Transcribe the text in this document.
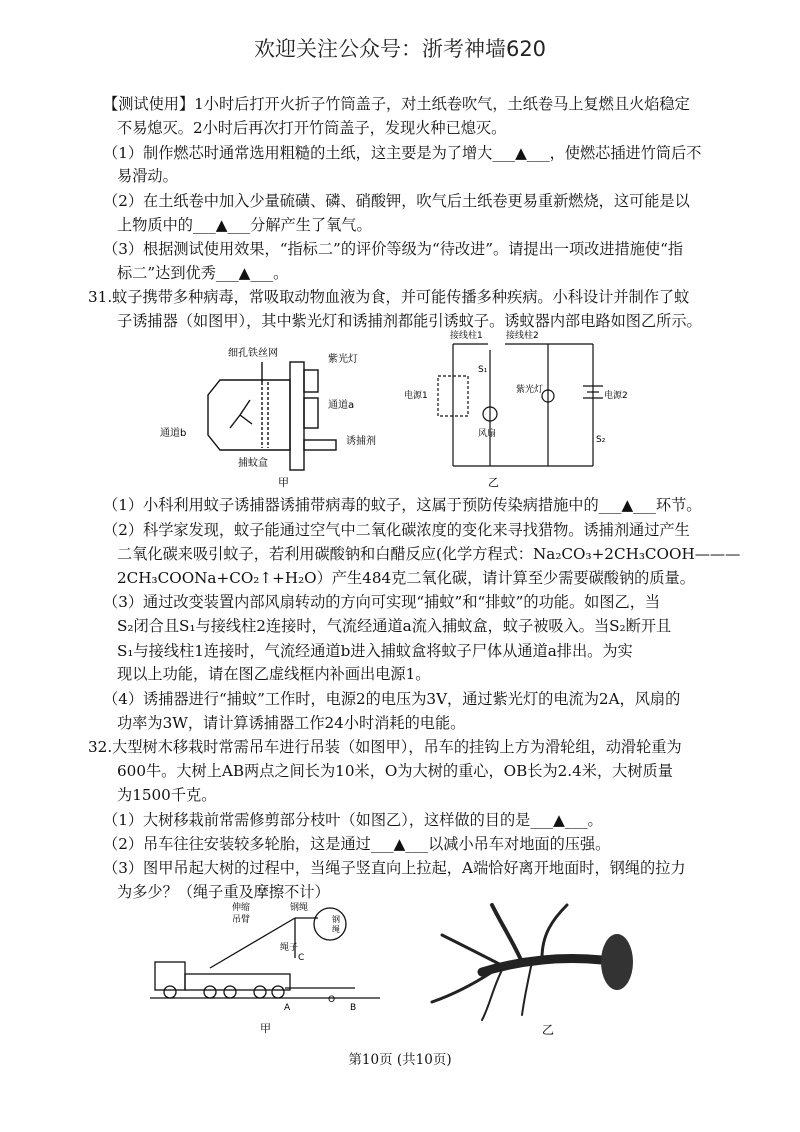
欢迎关注公众号：浙考神墙620
【测试使用】1小时后打开火折子竹筒盖子，对土纸卷吹气，土纸卷马上复燃且火焰稳定
不易熄灭。2小时后再次打开竹筒盖子，发现火种已熄灭。
（1）制作燃芯时通常选用粗糙的土纸，这主要是为了增大___▲___，使燃芯插进竹筒后不
易滑动。
（2）在土纸卷中加入少量硫磺、磷、硝酸钾，吹气后土纸卷更易重新燃烧，这可能是以
上物质中的___▲___分解产生了氧气。
（3）根据测试使用效果，“指标二”的评价等级为“待改进”。请提出一项改进措施使“指
标二”达到优秀___▲___。
31.蚊子携带多种病毒，常吸取动物血液为食，并可能传播多种疾病。小科设计并制作了蚊
子诱捕器（如图甲），其中紫光灯和诱捕剂都能引诱蚊子。诱蚊器内部电路如图乙所示。
（1）小科利用蚊子诱捕器诱捕带病毒的蚊子，这属于预防传染病措施中的___▲___环节。
（2）科学家发现，蚊子能通过空气中二氧化碳浓度的变化来寻找猎物。诱捕剂通过产生
二氧化碳来吸引蚊子，若利用碳酸钠和白醋反应(化学方程式：Na₂CO₃+2CH₃COOH———
2CH₃COONa+CO₂↑+H₂O）产生484克二氧化碳，请计算至少需要碳酸钠的质量。
（3）通过改变装置内部风扇转动的方向可实现“捕蚊”和“排蚊”的功能。如图乙，当
S₂闭合且S₁与接线柱2连接时，气流经通道a流入捕蚊盒，蚊子被吸入。当S₂断开且
S₁与接线柱1连接时，气流经通道b进入捕蚊盒将蚊子尸体从通道a排出。为实
现以上功能，请在图乙虚线框内补画出电源1。
（4）诱捕器进行“捕蚊”工作时，电源2的电压为3V，通过紫光灯的电流为2A，风扇的
功率为3W，请计算诱捕器工作24小时消耗的电能。
32.大型树木移栽时常需吊车进行吊装（如图甲），吊车的挂钩上方为滑轮组，动滑轮重为
600牛。大树上AB两点之间长为10米，O为大树的重心，OB长为2.4米，大树质量
为1500千克。
（1）大树移栽前常需修剪部分枝叶（如图乙），这样做的目的是___▲___。
（2）吊车往往安装较多轮胎，这是通过___▲___以减小吊车对地面的压强。
（3）图甲吊起大树的过程中，当绳子竖直向上拉起，A端恰好离开地面时，钢绳的拉力
为多少？（绳子重及摩擦不计）
细孔铁丝网
紫光灯
通道a
通道b
诱捕剂
捕蚊盒
甲
接线柱1	接线柱2
S₁
电源1
风扇
紫光灯
电源2
S₂
乙
伸缩
吊臂
钢绳
钢
绳
绳子
C
A
O
B
甲	乙
第10页 (共10页)
